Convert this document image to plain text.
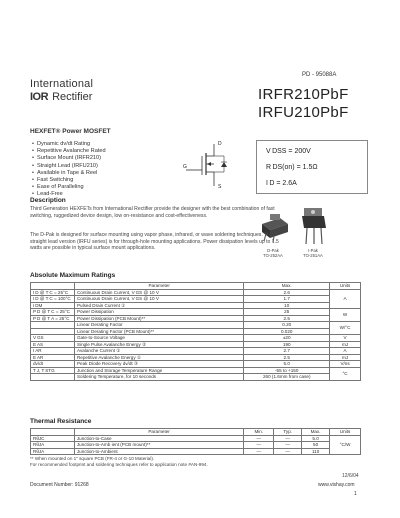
PD - 95088A
International
IOR Rectifier	IRFR210PbF
IRFU210PbF
HEXFET® Power MOSFET
• Dynamic dv/dt Rating
• Repetitive Avalanche Rated
• Surface Mount (IRFR210)
• Straight Lead (IRFU210)
• Available in Tape & Reel
• Fast Switching
• Ease of Paralleling
• Lead-Free
D
G
S
V DSS = 200V
R DS(on) = 1.5Ω
I D = 2.6A
D-Pak
TO-252AA
I-Pak
TO-251AA
Description

Third Generation HEXFETs from International Rectifier provide the designer with the best combination of fast switching, ruggedized device design, low on-resistance and cost-effectiveness.

The D-Pak is designed for surface mounting using vapor phase, infrared, or wave soldering techniques. The straight lead version (IRFU series) is for through-hole mounting applications. Power dissipation levels up to 1.5 watts are possible in typical surface mount applications.

Absolute Maximum Ratings
	Parameter	Max.	Units
I D @ T C = 25°C	Continuous Drain Current, V GS @ 10 V	2.6	A
I D @ T C = 100°C	Continuous Drain Current, V GS @ 10 V	1.7	
I DM	Pulsed Drain Current ①	10	
P D @ T C = 25°C	Power Dissipation	25	W
P D @ T A = 25°C	Power Dissipation (PCB Mount)**	2.5	
	Linear Derating Factor	0.20	W/°C
	Linear Derating Factor (PCB Mount)**	0.020	
V GS	Gate-to-Source Voltage	±20	V
E AS	Single Pulse Avalanche Energy ②	190	mJ
I AR	Avalanche Current ①	2.7	A
E AR	Repetitive Avalanche Energy ①	2.5	mJ
dv/dt	Peak Diode Recovery dv/dt ③	5.0	V/ns
T J, T STG	Junction and Storage Temperature Range	-55 to +150	°C
	Soldering Temperature, for 10 seconds	260 (1.6mm from case)	
Thermal Resistance
	Parameter	Min.	Typ.	Max.	Units
RθJC	Junction-to-Case	—	—	5.0	°C/W
RθJA	Junction-to-Amb ient (PCB mount)**	—	—	50	
RθJA	Junction-to-Ambient	—	—	110	
** When mounted on 1" square PCB (FR-4 or G-10 Material).
For recommended footprint and soldering techniques refer to application note #AN-994.
12/6/04
Document Number: 91268	www.vishay.com
1
